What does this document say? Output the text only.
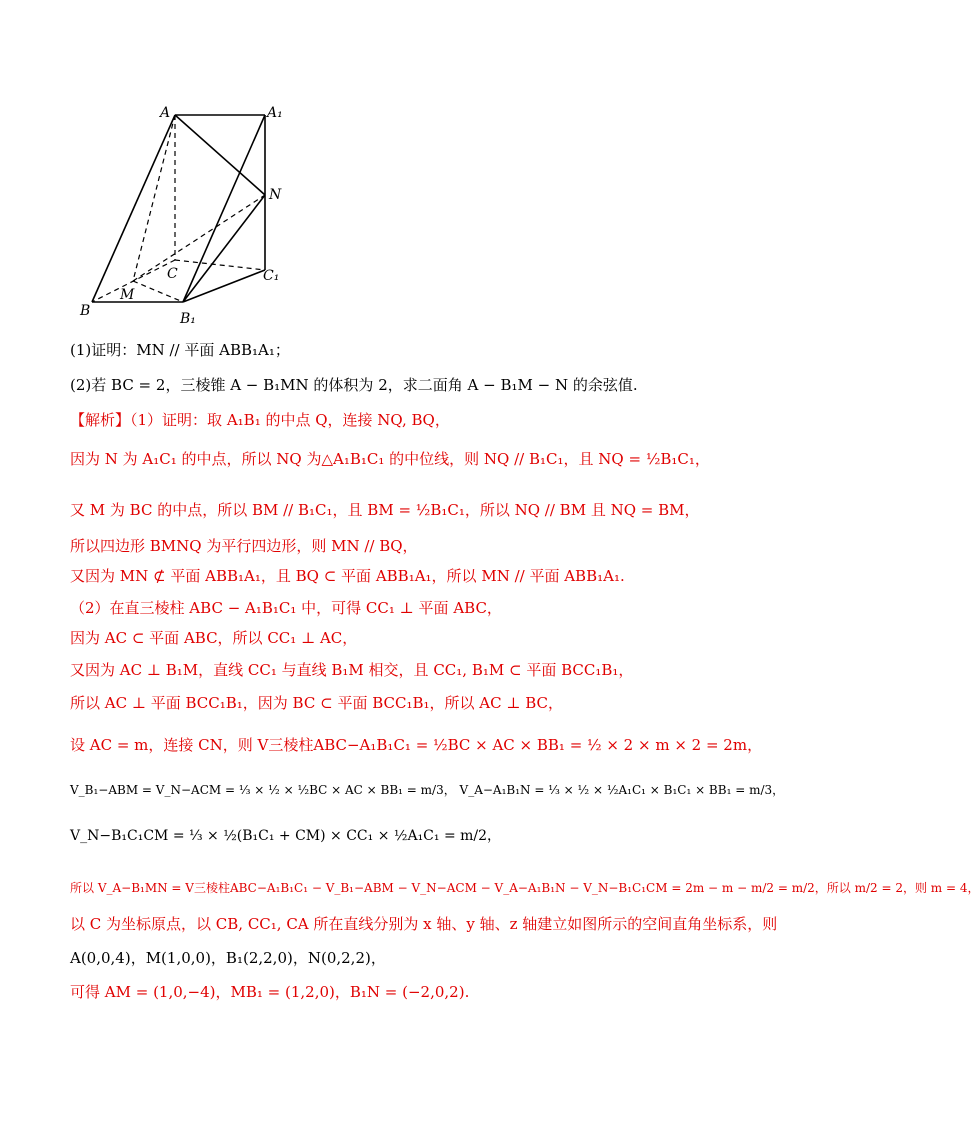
A	A₁
N
C	C₁
M
B	B₁
(1)证明：MN // 平面 ABB₁A₁；
(2)若 BC = 2，三棱锥 A − B₁MN 的体积为 2，求二面角 A − B₁M − N 的余弦值.
【解析】（1）证明：取 A₁B₁ 的中点 Q，连接 NQ, BQ，
因为 N 为 A₁C₁ 的中点，所以 NQ 为△A₁B₁C₁ 的中位线，则 NQ // B₁C₁，且 NQ = ½B₁C₁，
又 M 为 BC 的中点，所以 BM // B₁C₁，且 BM = ½B₁C₁，所以 NQ // BM 且 NQ = BM，
所以四边形 BMNQ 为平行四边形，则 MN // BQ，
又因为 MN ⊄ 平面 ABB₁A₁，且 BQ ⊂ 平面 ABB₁A₁，所以 MN // 平面 ABB₁A₁.
（2）在直三棱柱 ABC − A₁B₁C₁ 中，可得 CC₁ ⊥ 平面 ABC，
因为 AC ⊂ 平面 ABC，所以 CC₁ ⊥ AC，
又因为 AC ⊥ B₁M，直线 CC₁ 与直线 B₁M 相交，且 CC₁, B₁M ⊂ 平面 BCC₁B₁，
所以 AC ⊥ 平面 BCC₁B₁，因为 BC ⊂ 平面 BCC₁B₁，所以 AC ⊥ BC，
设 AC = m，连接 CN，则 V三棱柱ABC−A₁B₁C₁ = ½BC × AC × BB₁ = ½ × 2 × m × 2 = 2m，
V_B₁−ABM = V_N−ACM = ⅓ × ½ × ½BC × AC × BB₁ = m/3， V_A−A₁B₁N = ⅓ × ½ × ½A₁C₁ × B₁C₁ × BB₁ = m/3，
V_N−B₁C₁CM = ⅓ × ½(B₁C₁ + CM) × CC₁ × ½A₁C₁ = m/2，
所以 V_A−B₁MN = V三棱柱ABC−A₁B₁C₁ − V_B₁−ABM − V_N−ACM − V_A−A₁B₁N − V_N−B₁C₁CM = 2m − m − m/2 = m/2，所以 m/2 = 2，则 m = 4，
以 C 为坐标原点，以 CB, CC₁, CA 所在直线分别为 x 轴、y 轴、z 轴建立如图所示的空间直角坐标系，则
A(0,0,4)，M(1,0,0)，B₁(2,2,0)，N(0,2,2)，
可得 AM = (1,0,−4)，MB₁ = (1,2,0)，B₁N = (−2,0,2).
